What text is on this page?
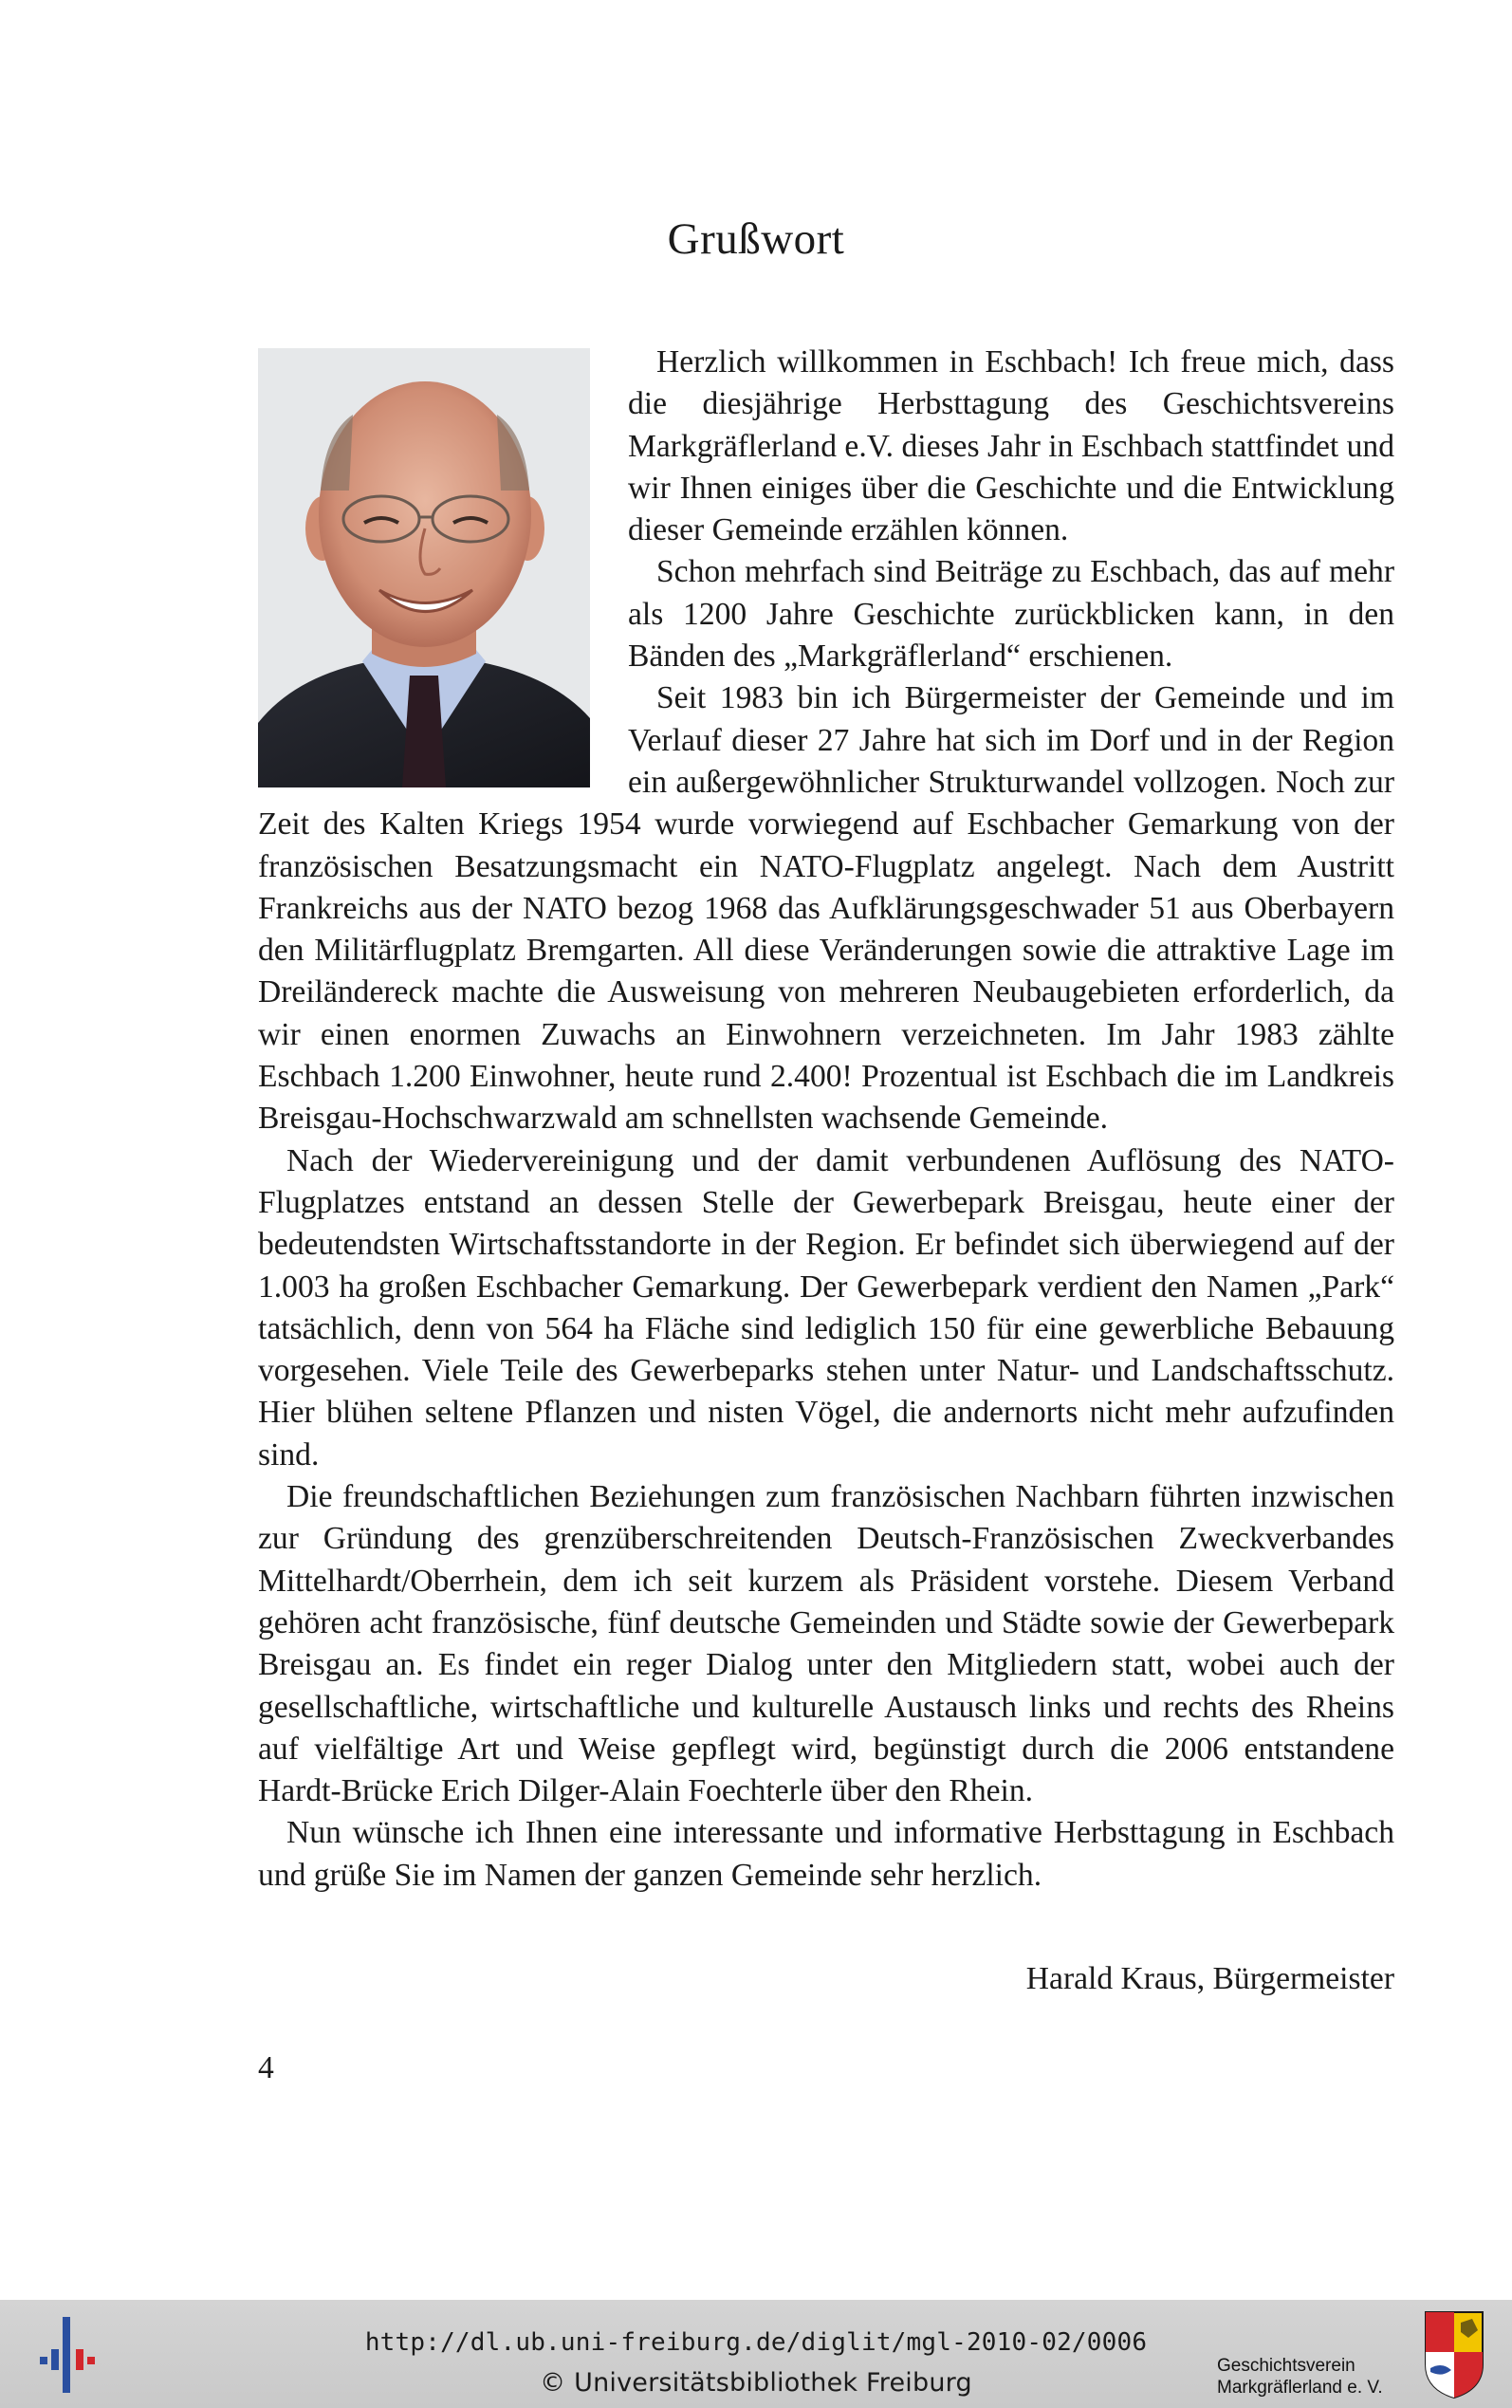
Grußwort

Herzlich willkommen in Eschbach! Ich freue mich, dass die diesjährige Herbsttagung des Geschichtsvereins Markgräflerland e.V. dieses Jahr in Eschbach stattfindet und wir Ihnen einiges über die Geschichte und die Entwicklung dieser Gemeinde erzählen können.

Schon mehrfach sind Beiträge zu Eschbach, das auf mehr als 1200 Jahre Geschichte zurückblicken kann, in den Bänden des „Markgräflerland“ erschienen.

Seit 1983 bin ich Bürgermeister der Gemeinde und im Verlauf dieser 27 Jahre hat sich im Dorf und in der Region ein außergewöhnlicher Strukturwandel vollzogen. Noch zur Zeit des Kalten Kriegs 1954 wurde vorwiegend auf Eschbacher Gemarkung von der französischen Besatzungsmacht ein NATO-Flugplatz angelegt. Nach dem Austritt Frankreichs aus der NATO bezog 1968 das Aufklärungsgeschwader 51 aus Oberbayern den Militärflugplatz Bremgarten. All diese Veränderungen sowie die attraktive Lage im Dreiländereck machte die Ausweisung von mehreren Neubaugebieten erforderlich, da wir einen enormen Zuwachs an Einwohnern verzeichneten. Im Jahr 1983 zählte Eschbach 1.200 Einwohner, heute rund 2.400! Prozentual ist Eschbach die im Landkreis Breisgau-Hochschwarzwald am schnellsten wachsende Gemeinde.

Nach der Wiedervereinigung und der damit verbundenen Auflösung des NATO-Flugplatzes entstand an dessen Stelle der Gewerbepark Breisgau, heute einer der bedeutendsten Wirtschaftsstandorte in der Region. Er befindet sich überwiegend auf der 1.003 ha großen Eschbacher Gemarkung. Der Gewerbepark verdient den Namen „Park“ tatsächlich, denn von 564 ha Fläche sind lediglich 150 für eine gewerbliche Bebauung vorgesehen. Viele Teile des Gewerbeparks stehen unter Natur- und Landschaftsschutz. Hier blühen seltene Pflanzen und nisten Vögel, die andernorts nicht mehr aufzufinden sind.

Die freundschaftlichen Beziehungen zum französischen Nachbarn führten inzwischen zur Gründung des grenzüberschreitenden Deutsch-Französischen Zweckverbandes Mittelhardt/Oberrhein, dem ich seit kurzem als Präsident vorstehe. Diesem Verband gehören acht französische, fünf deutsche Gemeinden und Städte sowie der Gewerbepark Breisgau an. Es findet ein reger Dialog unter den Mitgliedern statt, wobei auch der gesellschaftliche, wirtschaftliche und kulturelle Austausch links und rechts des Rheins auf vielfältige Art und Weise gepflegt wird, begünstigt durch die 2006 entstandene Hardt-Brücke Erich Dilger-Alain Foechterle über den Rhein.

Nun wünsche ich Ihnen eine interessante und informative Herbsttagung in Eschbach und grüße Sie im Namen der ganzen Gemeinde sehr herzlich.

Harald Kraus, Bürgermeister
4
http://dl.ub.uni-freiburg.de/diglit/mgl-2010-02/0006
© Universitätsbibliothek Freiburg
Geschichtsverein
Markgräflerland e. V.
